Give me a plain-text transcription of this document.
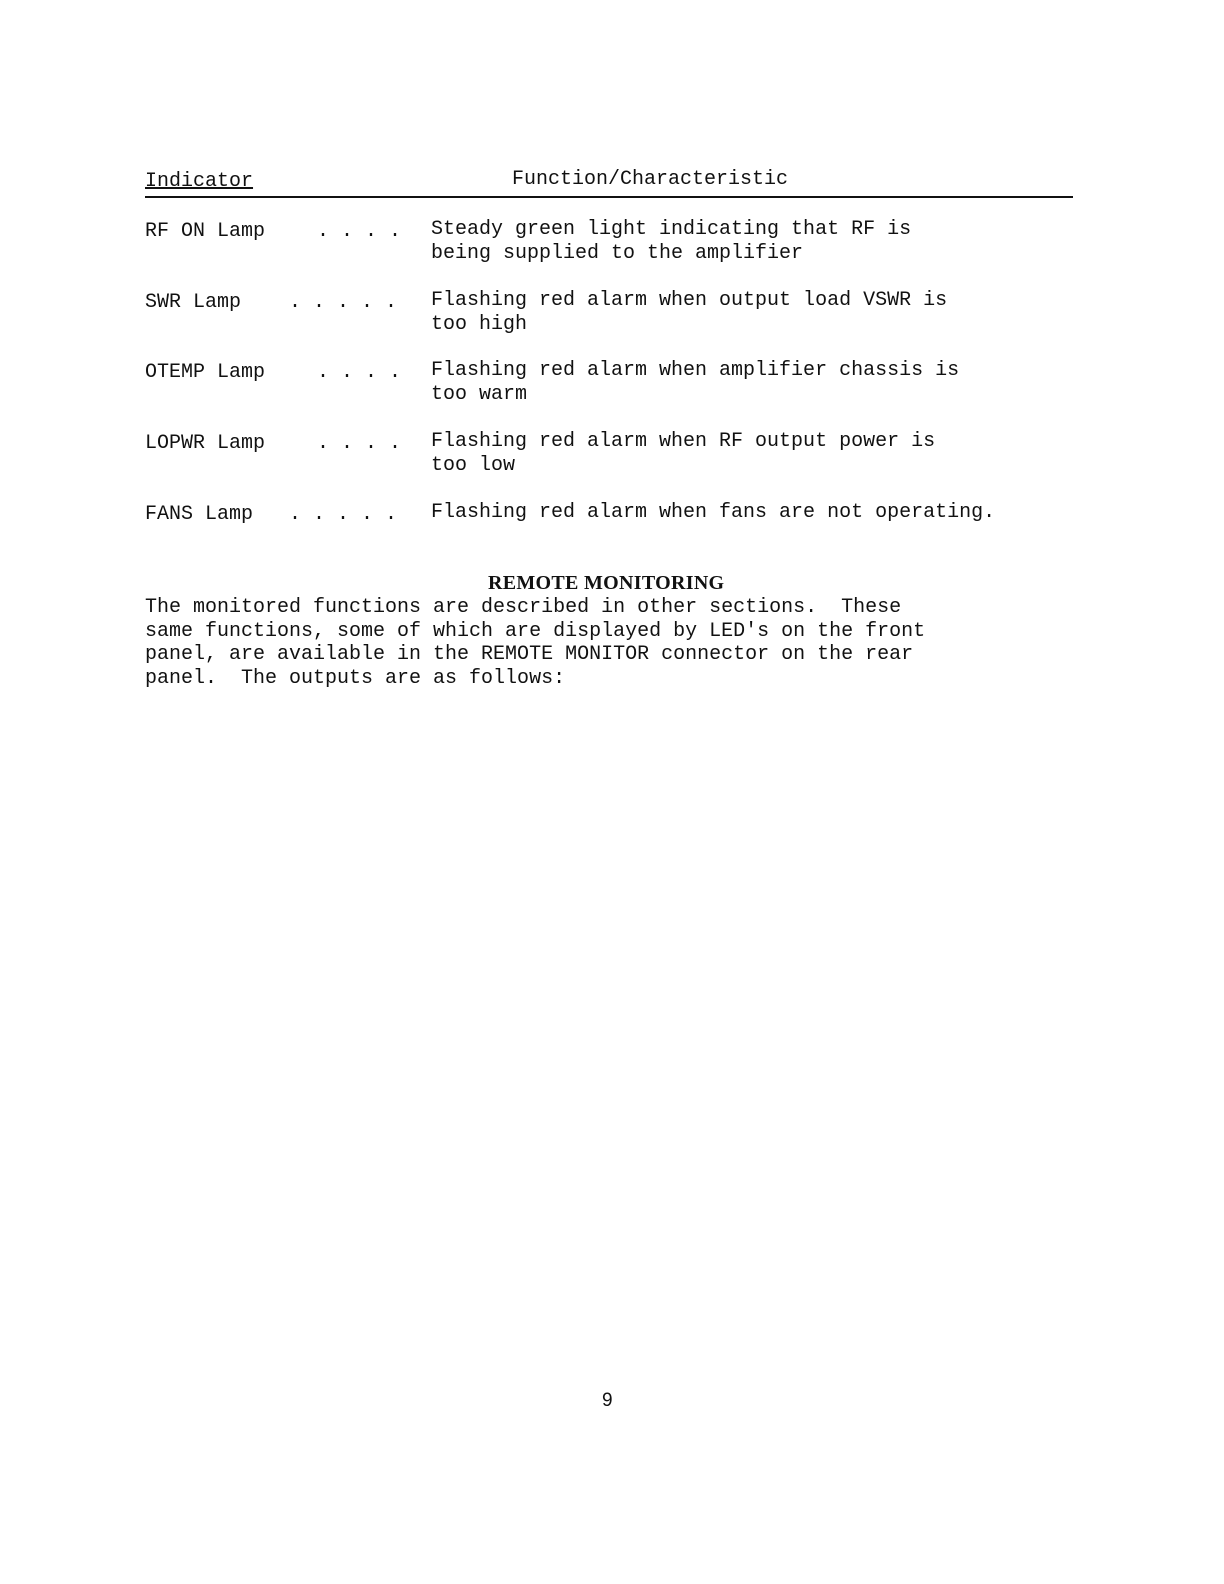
Indicator	Function/Characteristic
RF ON Lamp	. . . . Steady green light indicating that RF is
being supplied to the amplifier
SWR Lamp . . . . . Flashing red alarm when output load VSWR is
too high
OTEMP Lamp	. . . . Flashing red alarm when amplifier chassis is
too warm
LOPWR Lamp	. . . . Flashing red alarm when RF output power is
too low
FANS Lamp . . . . . Flashing red alarm when fans are not operating.
REMOTE MONITORING
The monitored functions are described in other sections.  These
same functions, some of which are displayed by LED's on the front
panel, are available in the REMOTE MONITOR connector on the rear
panel.  The outputs are as follows:
9
